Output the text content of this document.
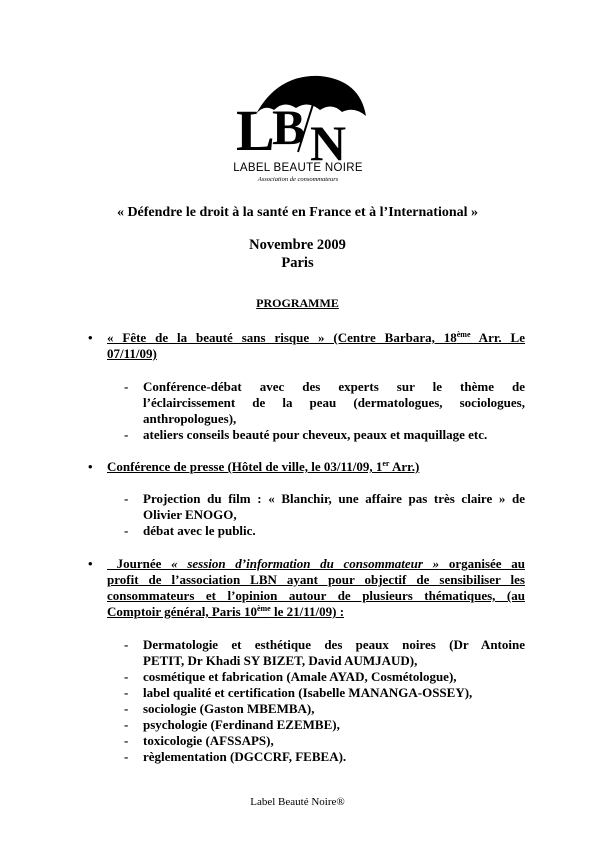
L
B N
LABEL BEAUTE NOIRE
Association de consommateurs
« Défendre le droit à la santé en France et à l’International »
Novembre 2009
Paris
PROGRAMME
• « Fête de la beauté sans risque » (Centre Barbara, 18ème Arr. Le
07/11/09)
- Conférence-débat avec des experts sur le thème de
l’éclaircissement de la peau (dermatologues, sociologues,
anthropologues),
- ateliers conseils beauté pour cheveux, peaux et maquillage etc.
• Conférence de presse (Hôtel de ville, le 03/11/09, 1er Arr.)
- Projection du film : « Blanchir, une affaire pas très claire » de
Olivier ENOGO,
- débat avec le public.
• Journée « session d’information du consommateur » organisée au
profit de l’association LBN ayant pour objectif de sensibiliser les
consommateurs et l’opinion autour de plusieurs thématiques, (au
Comptoir général, Paris 10ème le 21/11/09) :
- Dermatologie et esthétique des peaux noires (Dr Antoine
PETIT, Dr Khadi SY BIZET, David AUMJAUD),
- cosmétique et fabrication (Amale AYAD, Cosmétologue),
- label qualité et certification (Isabelle MANANGA-OSSEY),
- sociologie (Gaston MBEMBA),
- psychologie (Ferdinand EZEMBE),
- toxicologie (AFSSAPS),
- règlementation (DGCCRF, FEBEA).
Label Beauté Noire®
